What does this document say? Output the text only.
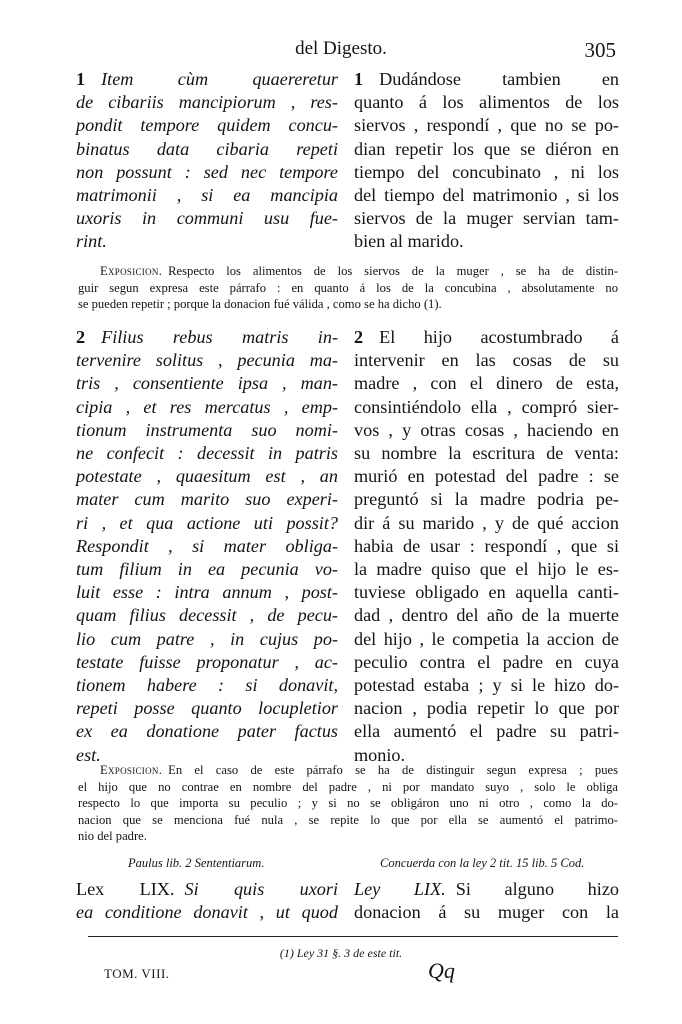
del Digesto.	305
1 Item cùm quaereretur
de cibariis mancipiorum , res-
pondit tempore quidem concu-
binatus data cibaria repeti
non possunt : sed nec tempore
matrimonii , si ea mancipia
uxoris in communi usu fue-
rint.
1 Dudándose tambien en
quanto á los alimentos de los
siervos , respondí , que no se po-
dian repetir los que se diéron en
tiempo del concubinato , ni los
del tiempo del matrimonio , si los
siervos de la muger servian tam-
bien al marido.
Exposicion. Respecto los alimentos de los siervos de la muger , se ha de distin-
guir segun expresa este párrafo : en quanto á los de la concubina , absolutamente no
se pueden repetir ; porque la donacion fué válida , como se ha dicho (1).
2 Filius rebus matris in-
tervenire solitus , pecunia ma-
tris , consentiente ipsa , man-
cipia , et res mercatus , emp-
tionum instrumenta suo nomi-
ne confecit : decessit in patris
potestate , quaesitum est , an
mater cum marito suo experi-
ri , et qua actione uti possit?
Respondit , si mater obliga-
tum filium in ea pecunia vo-
luit esse : intra annum , post-
quam filius decessit , de pecu-
lio cum patre , in cujus po-
testate fuisse proponatur , ac-
tionem habere : si donavit,
repeti posse quanto locupletior
ex ea donatione pater factus
est.
2 El hijo acostumbrado á
intervenir en las cosas de su
madre , con el dinero de esta,
consintiéndolo ella , compró sier-
vos , y otras cosas , haciendo en
su nombre la escritura de venta:
murió en potestad del padre : se
preguntó si la madre podria pe-
dir á su marido , y de qué accion
habia de usar : respondí , que si
la madre quiso que el hijo le es-
tuviese obligado en aquella canti-
dad , dentro del año de la muerte
del hijo , le competia la accion de
peculio contra el padre en cuya
potestad estaba ; y si le hizo do-
nacion , podia repetir lo que por
ella aumentó el padre su patri-
monio.
Exposicion. En el caso de este párrafo se ha de distinguir segun expresa ; pues
el hijo que no contrae en nombre del padre , ni por mandato suyo , solo le obliga
respecto lo que importa su peculio ; y si no se obligáron uno ni otro , como la do-
nacion que se menciona fué nula , se repite lo que por ella se aumentó el patrimo-
nio del padre.
Paulus lib. 2 Sententiarum.	Concuerda con la ley 2 tit. 15 lib. 5 Cod.
Lex LIX. Si quis uxori
ea conditione donavit , ut quod
Ley LIX. Si alguno hizo
donacion á su muger con la
(1) Ley 31 §. 3 de este tit.
TOM. VIII.	Qq
